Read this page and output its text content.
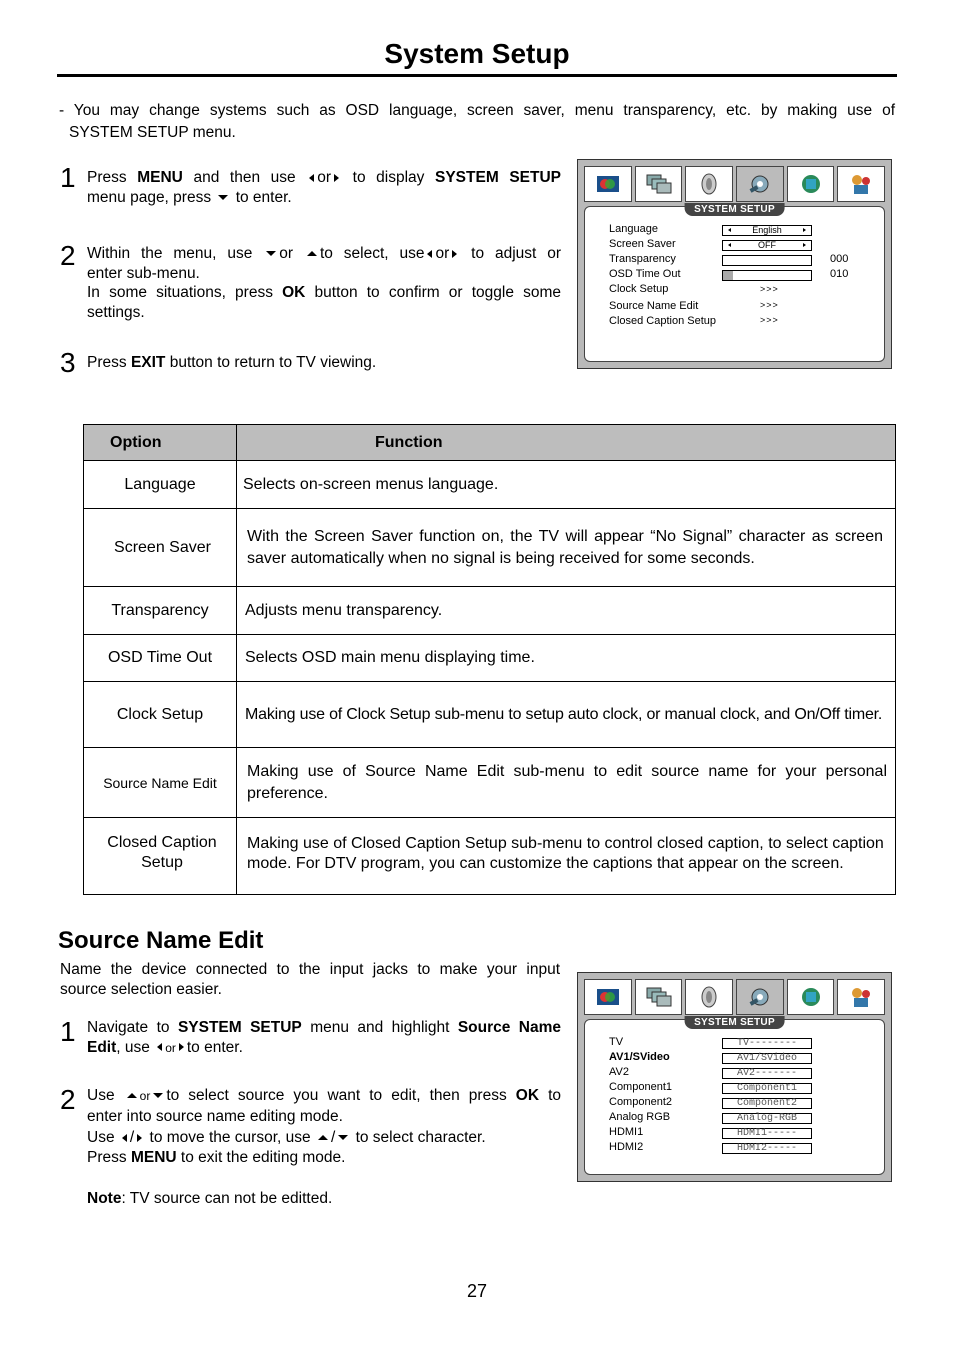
System Setup
- You may change systems such as OSD language, screen saver, menu transparency, etc. by making use of
SYSTEM SETUP menu.
1 Press MENU and then use or to display SYSTEM SETUP
menu page, press to enter.
2 Within the menu, use or to select, use or to adjust or
enter sub-menu.
In some situations, press OK button to confirm or toggle some
settings.
3 Press EXIT button to return to TV viewing.
SYSTEM SETUP
Language	English
Screen Saver	OFF
Transparency	000
OSD Time Out	010
Clock Setup	>>>
Source Name Edit	>>>
Closed Caption Setup	>>>
Option	Function
Language	Selects on-screen menus language.
Screen Saver	With the Screen Saver function on, the TV will appear “No Signal” character as screen saver automatically when no signal is being received for some seconds.
Transparency	Adjusts menu transparency.
OSD Time Out	Selects OSD main menu displaying time.
Clock Setup	Making use of Clock Setup sub-menu to setup auto clock, or manual clock, and On/Off timer.
Source Name Edit	Making use of Source Name Edit sub-menu to edit source name for your personal preference.
Closed Caption Setup	Making use of Closed Caption Setup sub-menu to control closed caption, to select caption mode. For DTV program, you can customize the captions that appear on the screen.
Source Name Edit
Name the device connected to the input jacks to make your input
source selection easier.
1 Navigate to SYSTEM SETUP menu and highlight Source Name
Edit, use or to enter.
2 Use or to select source you want to edit, then press OK to
enter into source name editing mode.
Use / to move the cursor, use / to select character.
Press MENU to exit the editing mode.
Note: TV source can not be editted.
SYSTEM SETUP
TV	TV--------
AV1/SVideo	AV1/SVideo
AV2	AV2-------
Component1	Component1
Component2	Component2
Analog RGB	Analog-RGB
HDMI1	HDMI1-----
HDMI2	HDMI2-----
27
